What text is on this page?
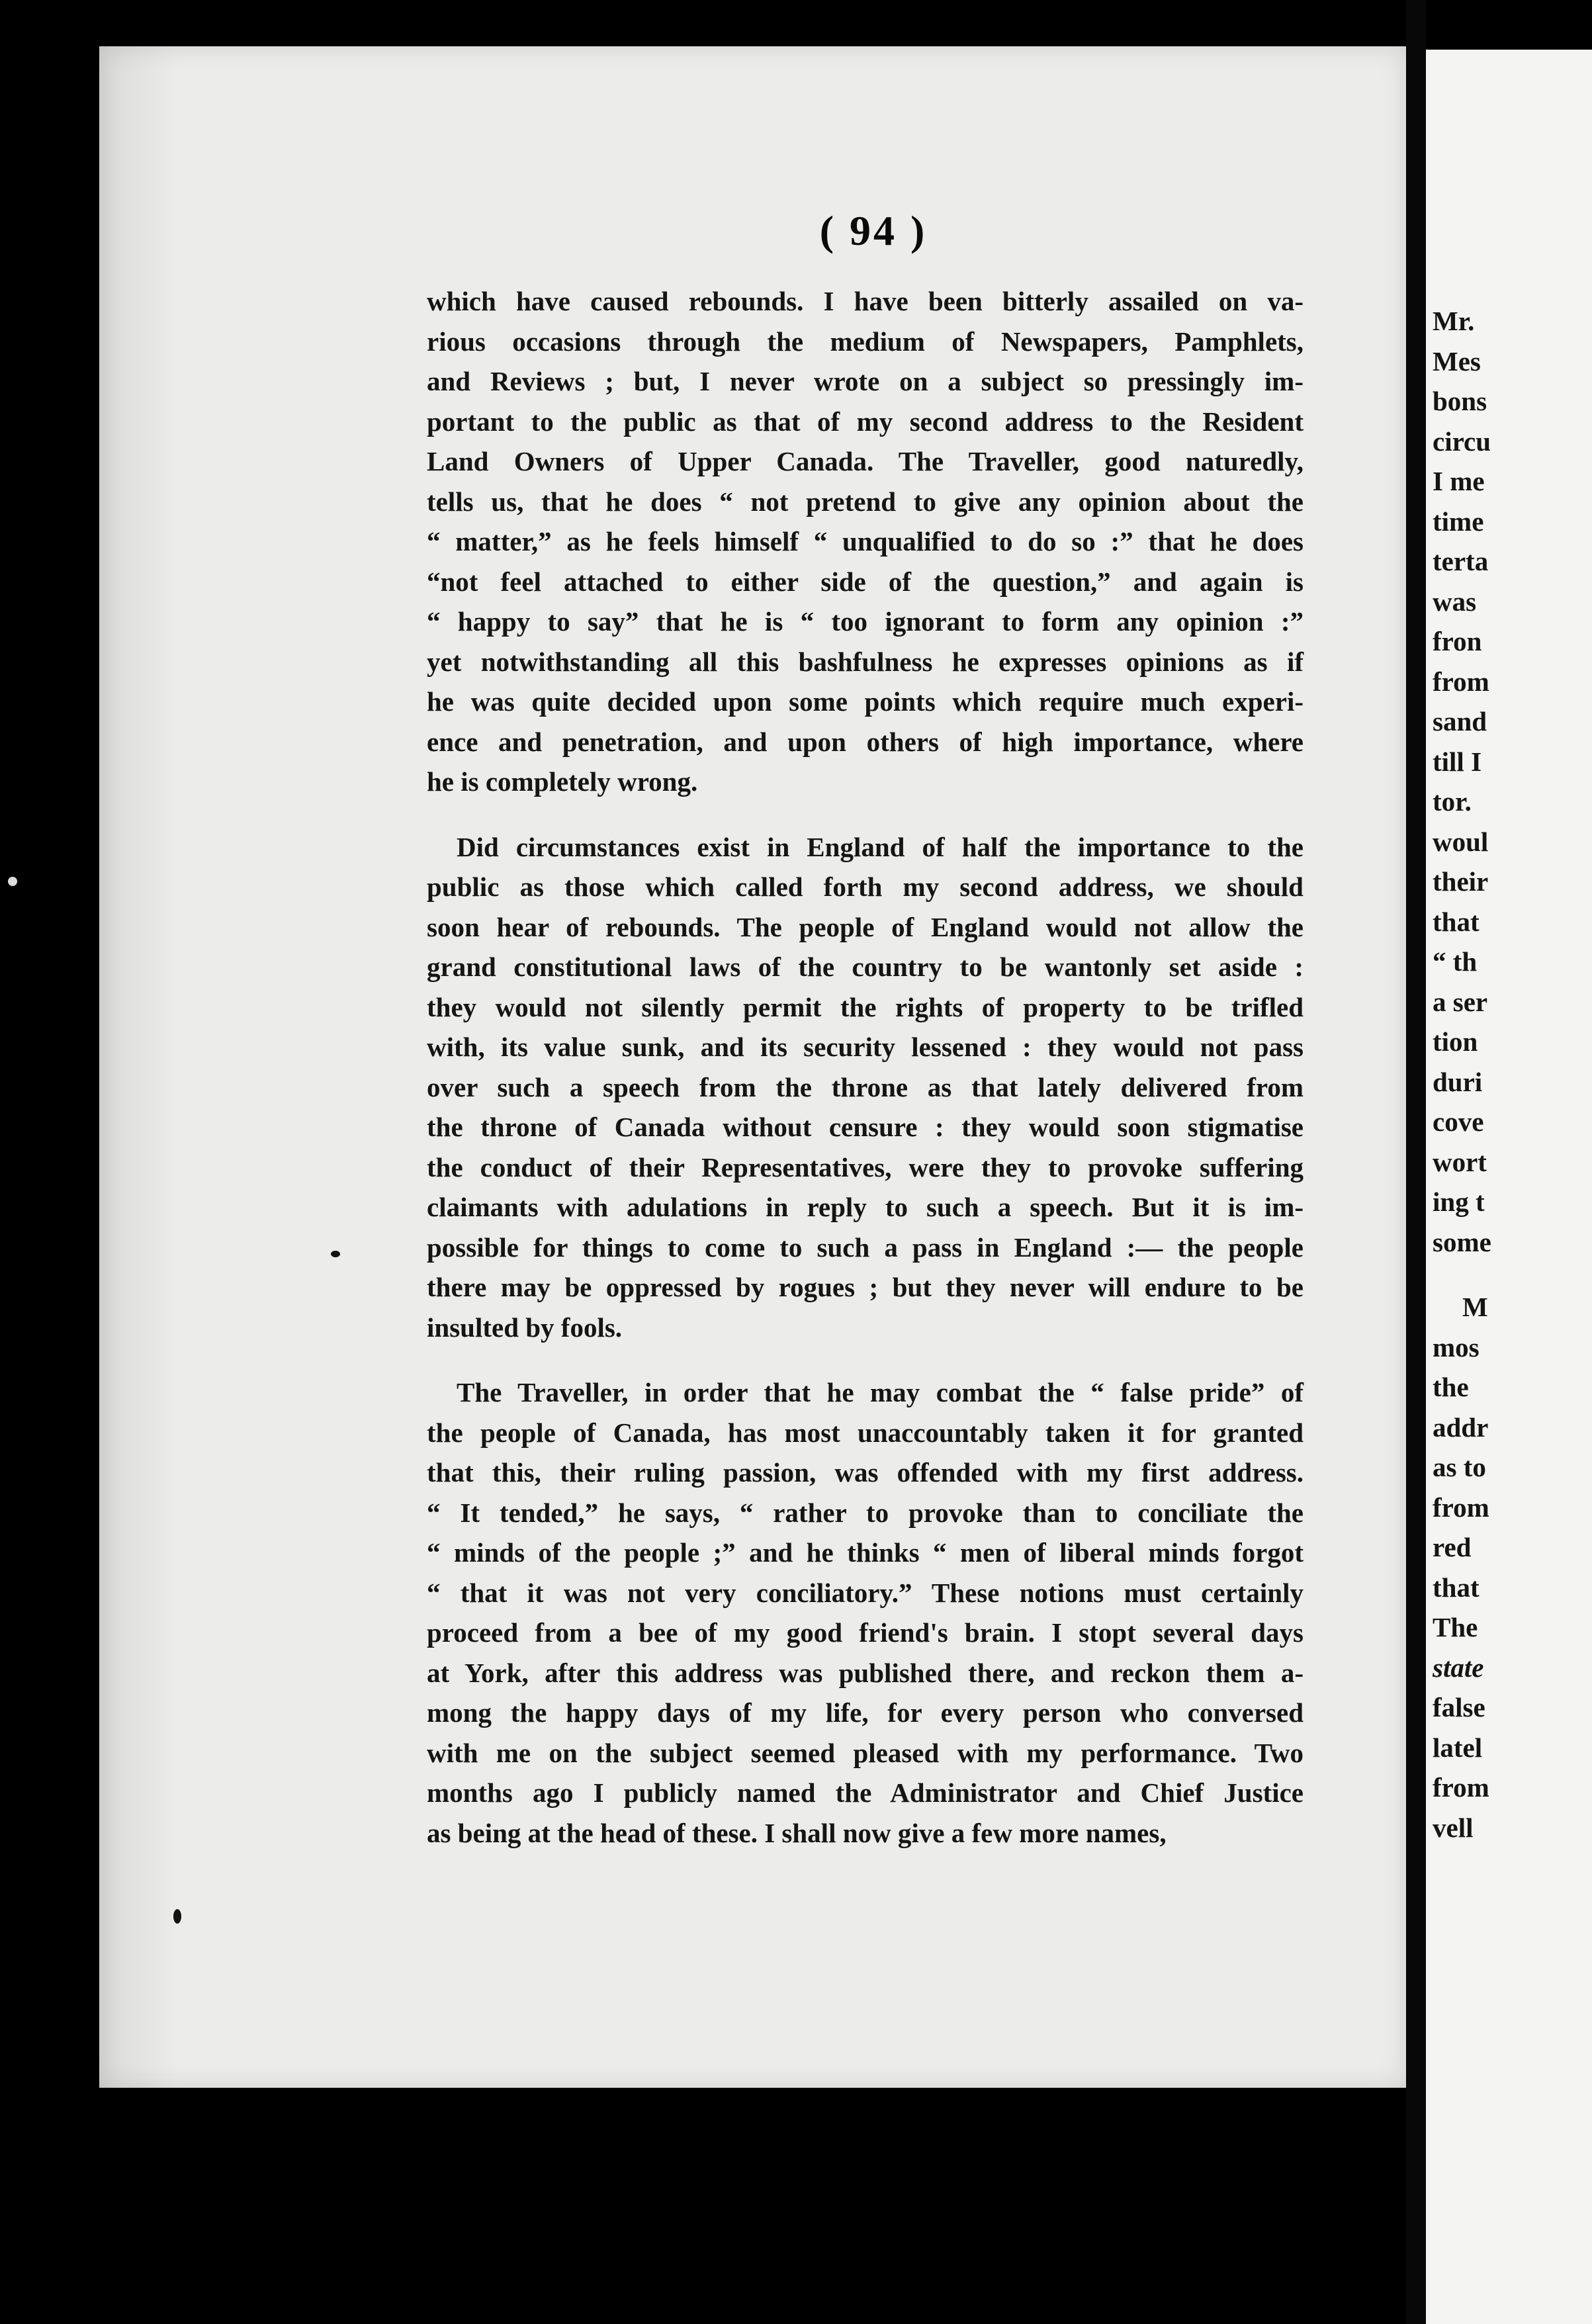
( 94 )
which have caused rebounds. I have been bitterly assailed on va-
rious occasions through the medium of Newspapers, Pamphlets,
and Reviews ; but, I never wrote on a subject so pressingly im-
portant to the public as that of my second address to the Resident
Land Owners of Upper Canada. The Traveller, good naturedly,
tells us, that he does “ not pretend to give any opinion about the
“ matter,” as he feels himself “ unqualified to do so :” that he does
“not feel attached to either side of the question,” and again is
“ happy to say” that he is “ too ignorant to form any opinion :”
yet notwithstanding all this bashfulness he expresses opinions as if
he was quite decided upon some points which require much experi-
ence and penetration, and upon others of high importance, where
he is completely wrong.
Did circumstances exist in England of half the importance to the
public as those which called forth my second address, we should
soon hear of rebounds. The people of England would not allow the
grand constitutional laws of the country to be wantonly set aside :
they would not silently permit the rights of property to be trifled
with, its value sunk, and its security lessened : they would not pass
over such a speech from the throne as that lately delivered from
the throne of Canada without censure : they would soon stigmatise
the conduct of their Representatives, were they to provoke suffering
claimants with adulations in reply to such a speech. But it is im-
possible for things to come to such a pass in England :— the people
there may be oppressed by rogues ; but they never will endure to be
insulted by fools.
The Traveller, in order that he may combat the “ false pride” of
the people of Canada, has most unaccountably taken it for granted
that this, their ruling passion, was offended with my first address.
“ It tended,” he says, “ rather to provoke than to conciliate the
“ minds of the people ;” and he thinks “ men of liberal minds forgot
“ that it was not very conciliatory.” These notions must certainly
proceed from a bee of my good friend's brain. I stopt several days
at York, after this address was published there, and reckon them a-
mong the happy days of my life, for every person who conversed
with me on the subject seemed pleased with my performance. Two
months ago I publicly named the Administrator and Chief Justice
as being at the head of these. I shall now give a few more names,
Mr.
Mes
bons
circu
I me
time
terta
was
fron
from
sand
till I
tor.
woul
their
that
“ th
a ser
tion
duri
cove
wort
ing t
some
M
mos
the
addr
as to
from
red
that
The
state
false
latel
from
vell
